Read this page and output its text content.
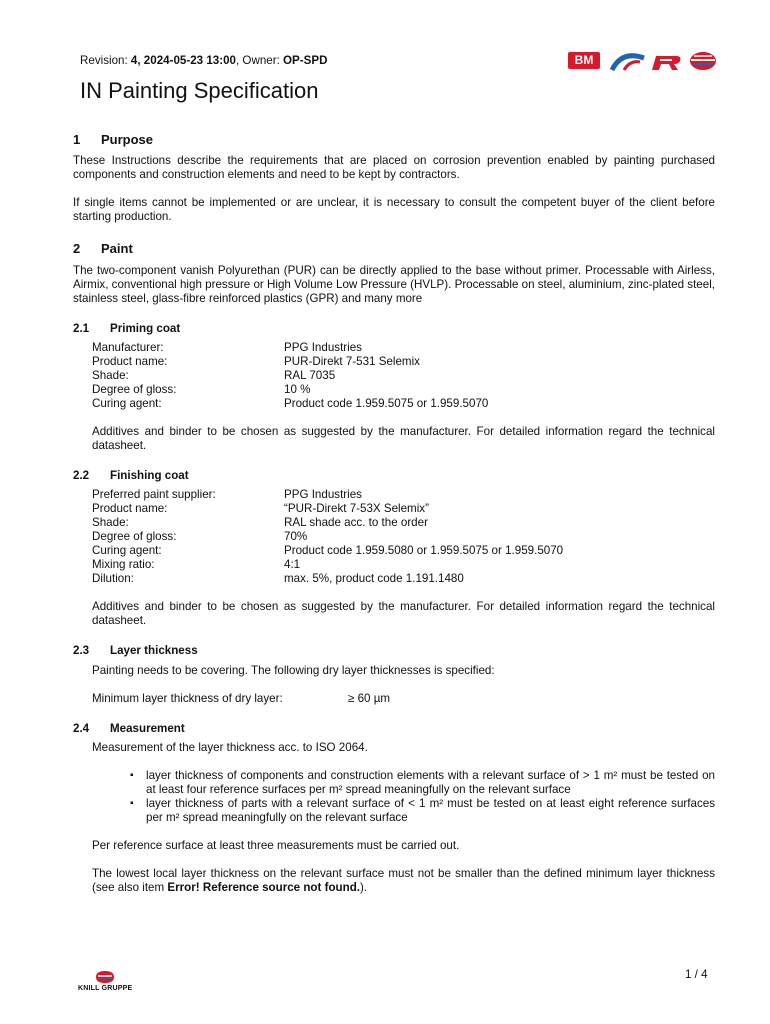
Revision: 4, 2024-05-23 13:00, Owner: OP-SPD	BM
IN Painting Specification
1 Purpose
These Instructions describe the requirements that are placed on corrosion prevention enabled by painting purchased components and construction elements and need to be kept by contractors.
If single items cannot be implemented or are unclear, it is necessary to consult the competent buyer of the client before starting production.
2 Paint
The two-component vanish Polyurethan (PUR) can be directly applied to the base without primer. Processable with Airless, Airmix, conventional high pressure or High Volume Low Pressure (HVLP). Processable on steel, aluminium, zinc-plated steel, stainless steel, glass-fibre reinforced plastics (GPR) and many more
2.1 Priming coat
Manufacturer:	PPG Industries
Product name:	PUR-Direkt 7-531 Selemix
Shade:	RAL 7035
Degree of gloss:	10 %
Curing agent:	Product code 1.959.5075 or 1.959.5070
Additives and binder to be chosen as suggested by the manufacturer. For detailed information regard the technical datasheet.
2.2 Finishing coat
Preferred paint supplier:	PPG Industries
Product name:	“PUR-Direkt 7-53X Selemix”
Shade:	RAL shade acc. to the order
Degree of gloss:	70%
Curing agent:	Product code 1.959.5080 or 1.959.5075 or 1.959.5070
Mixing ratio:	4:1
Dilution:	max. 5%, product code 1.191.1480
Additives and binder to be chosen as suggested by the manufacturer. For detailed information regard the technical datasheet.
2.3 Layer thickness
Painting needs to be covering. The following dry layer thicknesses is specified:
Minimum layer thickness of dry layer:	≥ 60 µm
2.4 Measurement
Measurement of the layer thickness acc. to ISO 2064.
▪ layer thickness of components and construction elements with a relevant surface of > 1 m² must be tested on at least four reference surfaces per m² spread meaningfully on the relevant surface
▪ layer thickness of parts with a relevant surface of < 1 m² must be tested on at least eight reference surfaces per m² spread meaningfully on the relevant surface
Per reference surface at least three measurements must be carried out.
The lowest local layer thickness on the relevant surface must not be smaller than the defined minimum layer thickness (see also item Error! Reference source not found.).
KNILL GRUPPE
1 / 4
